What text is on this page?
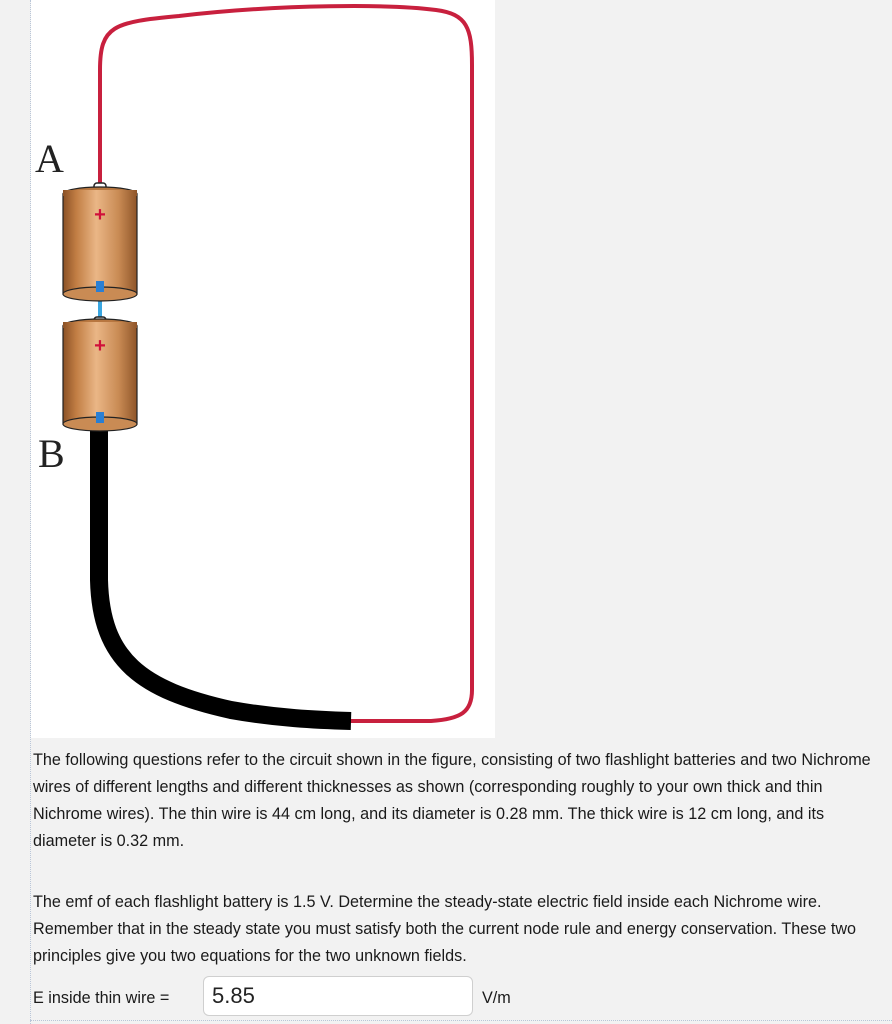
+
+
A
B

The following questions refer to the circuit shown in the figure, consisting of two flashlight batteries and two Nichrome wires of different lengths and different thicknesses as shown (corresponding roughly to your own thick and thin Nichrome wires). The thin wire is 44 cm long, and its diameter is 0.28 mm. The thick wire is 12 cm long, and its diameter is 0.32 mm.

The emf of each flashlight battery is 1.5 V. Determine the steady-state electric field inside each Nichrome wire. Remember that in the steady state you must satisfy both the current node rule and energy conservation. These two principles give you two equations for the two unknown fields.

E inside thin wire =
5.85	V/m
